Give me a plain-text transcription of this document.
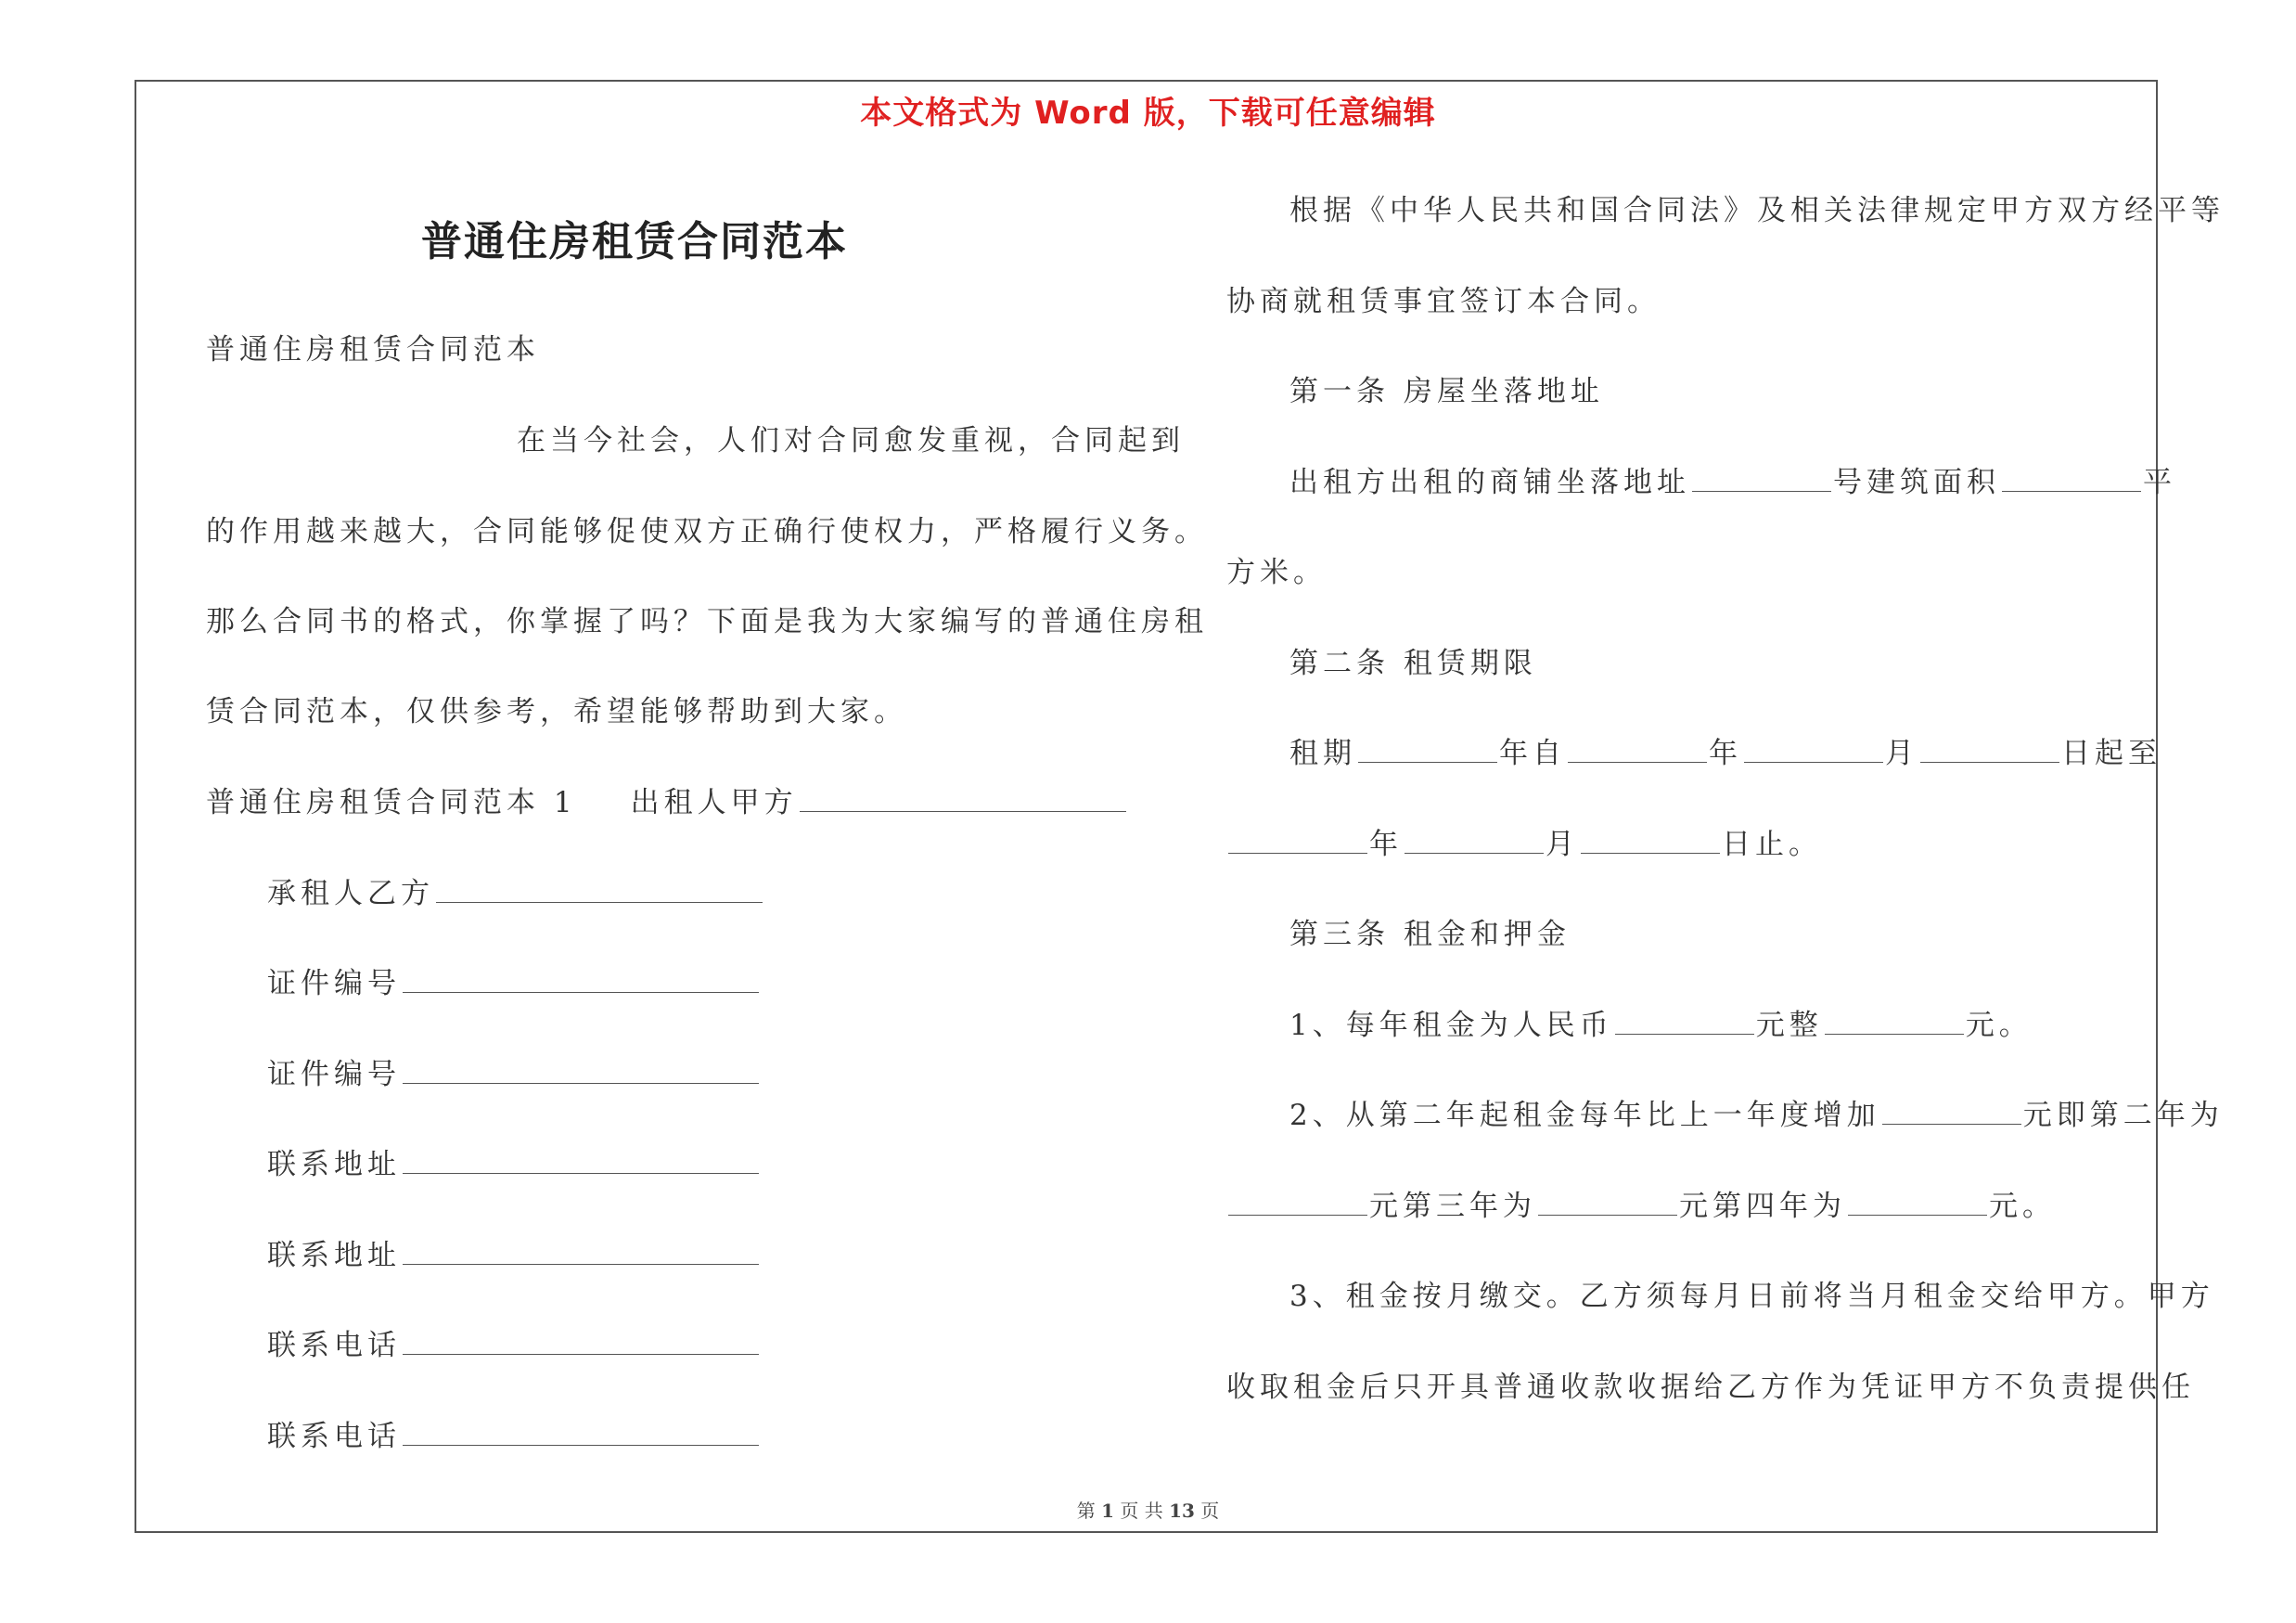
本文格式为 Word 版，下载可任意编辑
普通住房租赁合同范本
普通住房租赁合同范本
在当今社会，人们对合同愈发重视，合同起到
的作用越来越大，合同能够促使双方正确行使权力，严格履行义务。
那么合同书的格式，你掌握了吗？下面是我为大家编写的普通住房租
赁合同范本，仅供参考，希望能够帮助到大家。
普通住房租赁合同范本 1 出租人甲方
承租人乙方
证件编号
证件编号
联系地址
联系地址
联系电话
联系电话
根据《中华人民共和国合同法》及相关法律规定甲方双方经平等
协商就租赁事宜签订本合同。
第一条 房屋坐落地址
出租方出租的商铺坐落地址	号建筑面积	平
方米。
第二条 租赁期限
租期	年自	年	月	日起至
年	月	日止。
第三条 租金和押金
1、每年租金为人民币	元整	元。
2、从第二年起租金每年比上一年度增加	元即第二年为
元第三年为	元第四年为	元。
3、租金按月缴交。乙方须每月日前将当月租金交给甲方。甲方
收取租金后只开具普通收款收据给乙方作为凭证甲方不负责提供任
第 1 页 共 13 页
